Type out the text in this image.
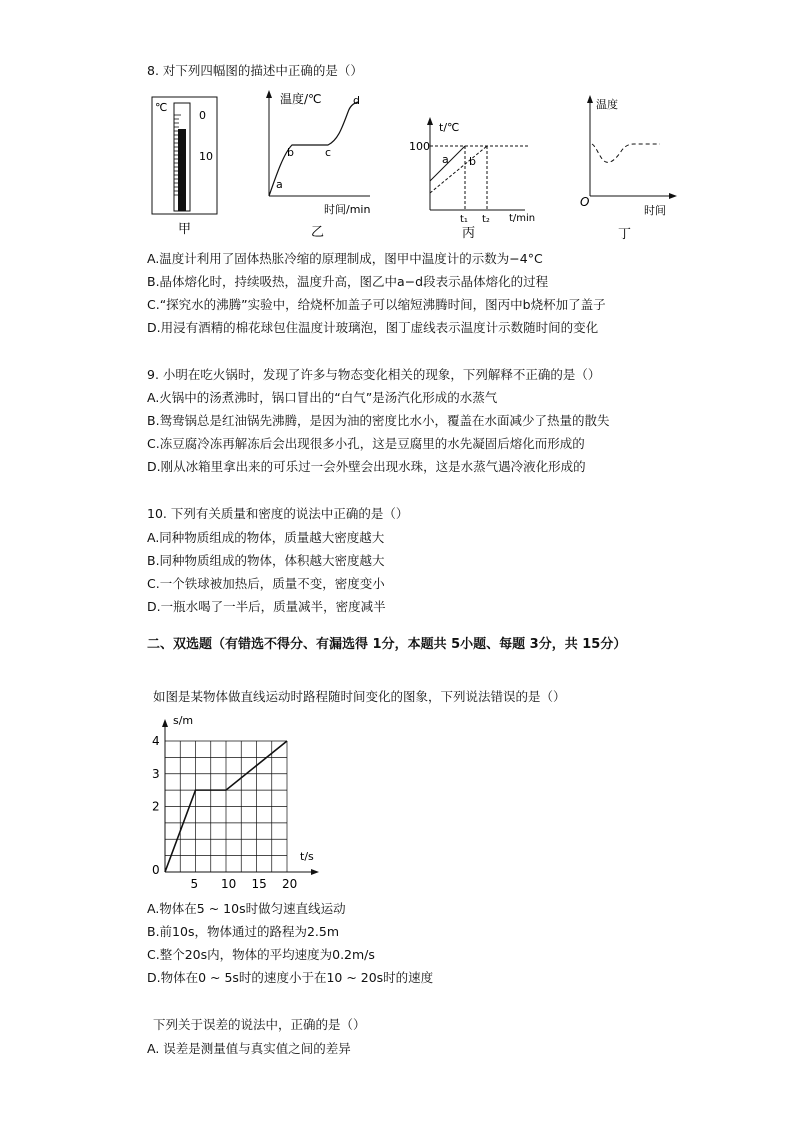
8. 对下列四幅图的描述中正确的是（）
℃
0
10
甲
温度/℃
a
b	c
d
时间/min
乙
t/℃
100
a b
t₁ t₂ t/min
丙
温度
O
时间
丁
A.温度计利用了固体热胀冷缩的原理制成，图甲中温度计的示数为−4°C
B.晶体熔化时，持续吸热，温度升高，图乙中a−d段表示晶体熔化的过程
C.“探究水的沸腾”实验中，给烧杯加盖子可以缩短沸腾时间，图丙中b烧杯加了盖子
D.用浸有酒精的棉花球包住温度计玻璃泡，图丁虚线表示温度计示数随时间的变化
9. 小明在吃火锅时，发现了许多与物态变化相关的现象，下列解释不正确的是（）
A.火锅中的汤煮沸时，锅口冒出的“白气”是汤汽化形成的水蒸气
B.鸳鸯锅总是红油锅先沸腾，是因为油的密度比水小，覆盖在水面减少了热量的散失
C.冻豆腐冷冻再解冻后会出现很多小孔，这是豆腐里的水先凝固后熔化而形成的
D.刚从冰箱里拿出来的可乐过一会外壁会出现水珠，这是水蒸气遇冷液化形成的
10. 下列有关质量和密度的说法中正确的是（）
A.同种物质组成的物体，质量越大密度越大
B.同种物质组成的物体，体积越大密度越大
C.一个铁球被加热后，质量不变，密度变小
D.一瓶水喝了一半后，质量减半，密度减半
二、双选题（有错选不得分、有漏选得 1分，本题共 5小题、每题 3分，共 15分）
如图是某物体做直线运动时路程随时间变化的图象，下列说法错误的是（）
5 10 15 20
0
2
3
4
s/m
t/s
A.物体在5 ~ 10s时做匀速直线运动
B.前10s，物体通过的路程为2.5m
C.整个20s内，物体的平均速度为0.2m/s
D.物体在0 ~ 5s时的速度小于在10 ~ 20s时的速度
下列关于误差的说法中，正确的是（）
A. 误差是测量值与真实值之间的差异
